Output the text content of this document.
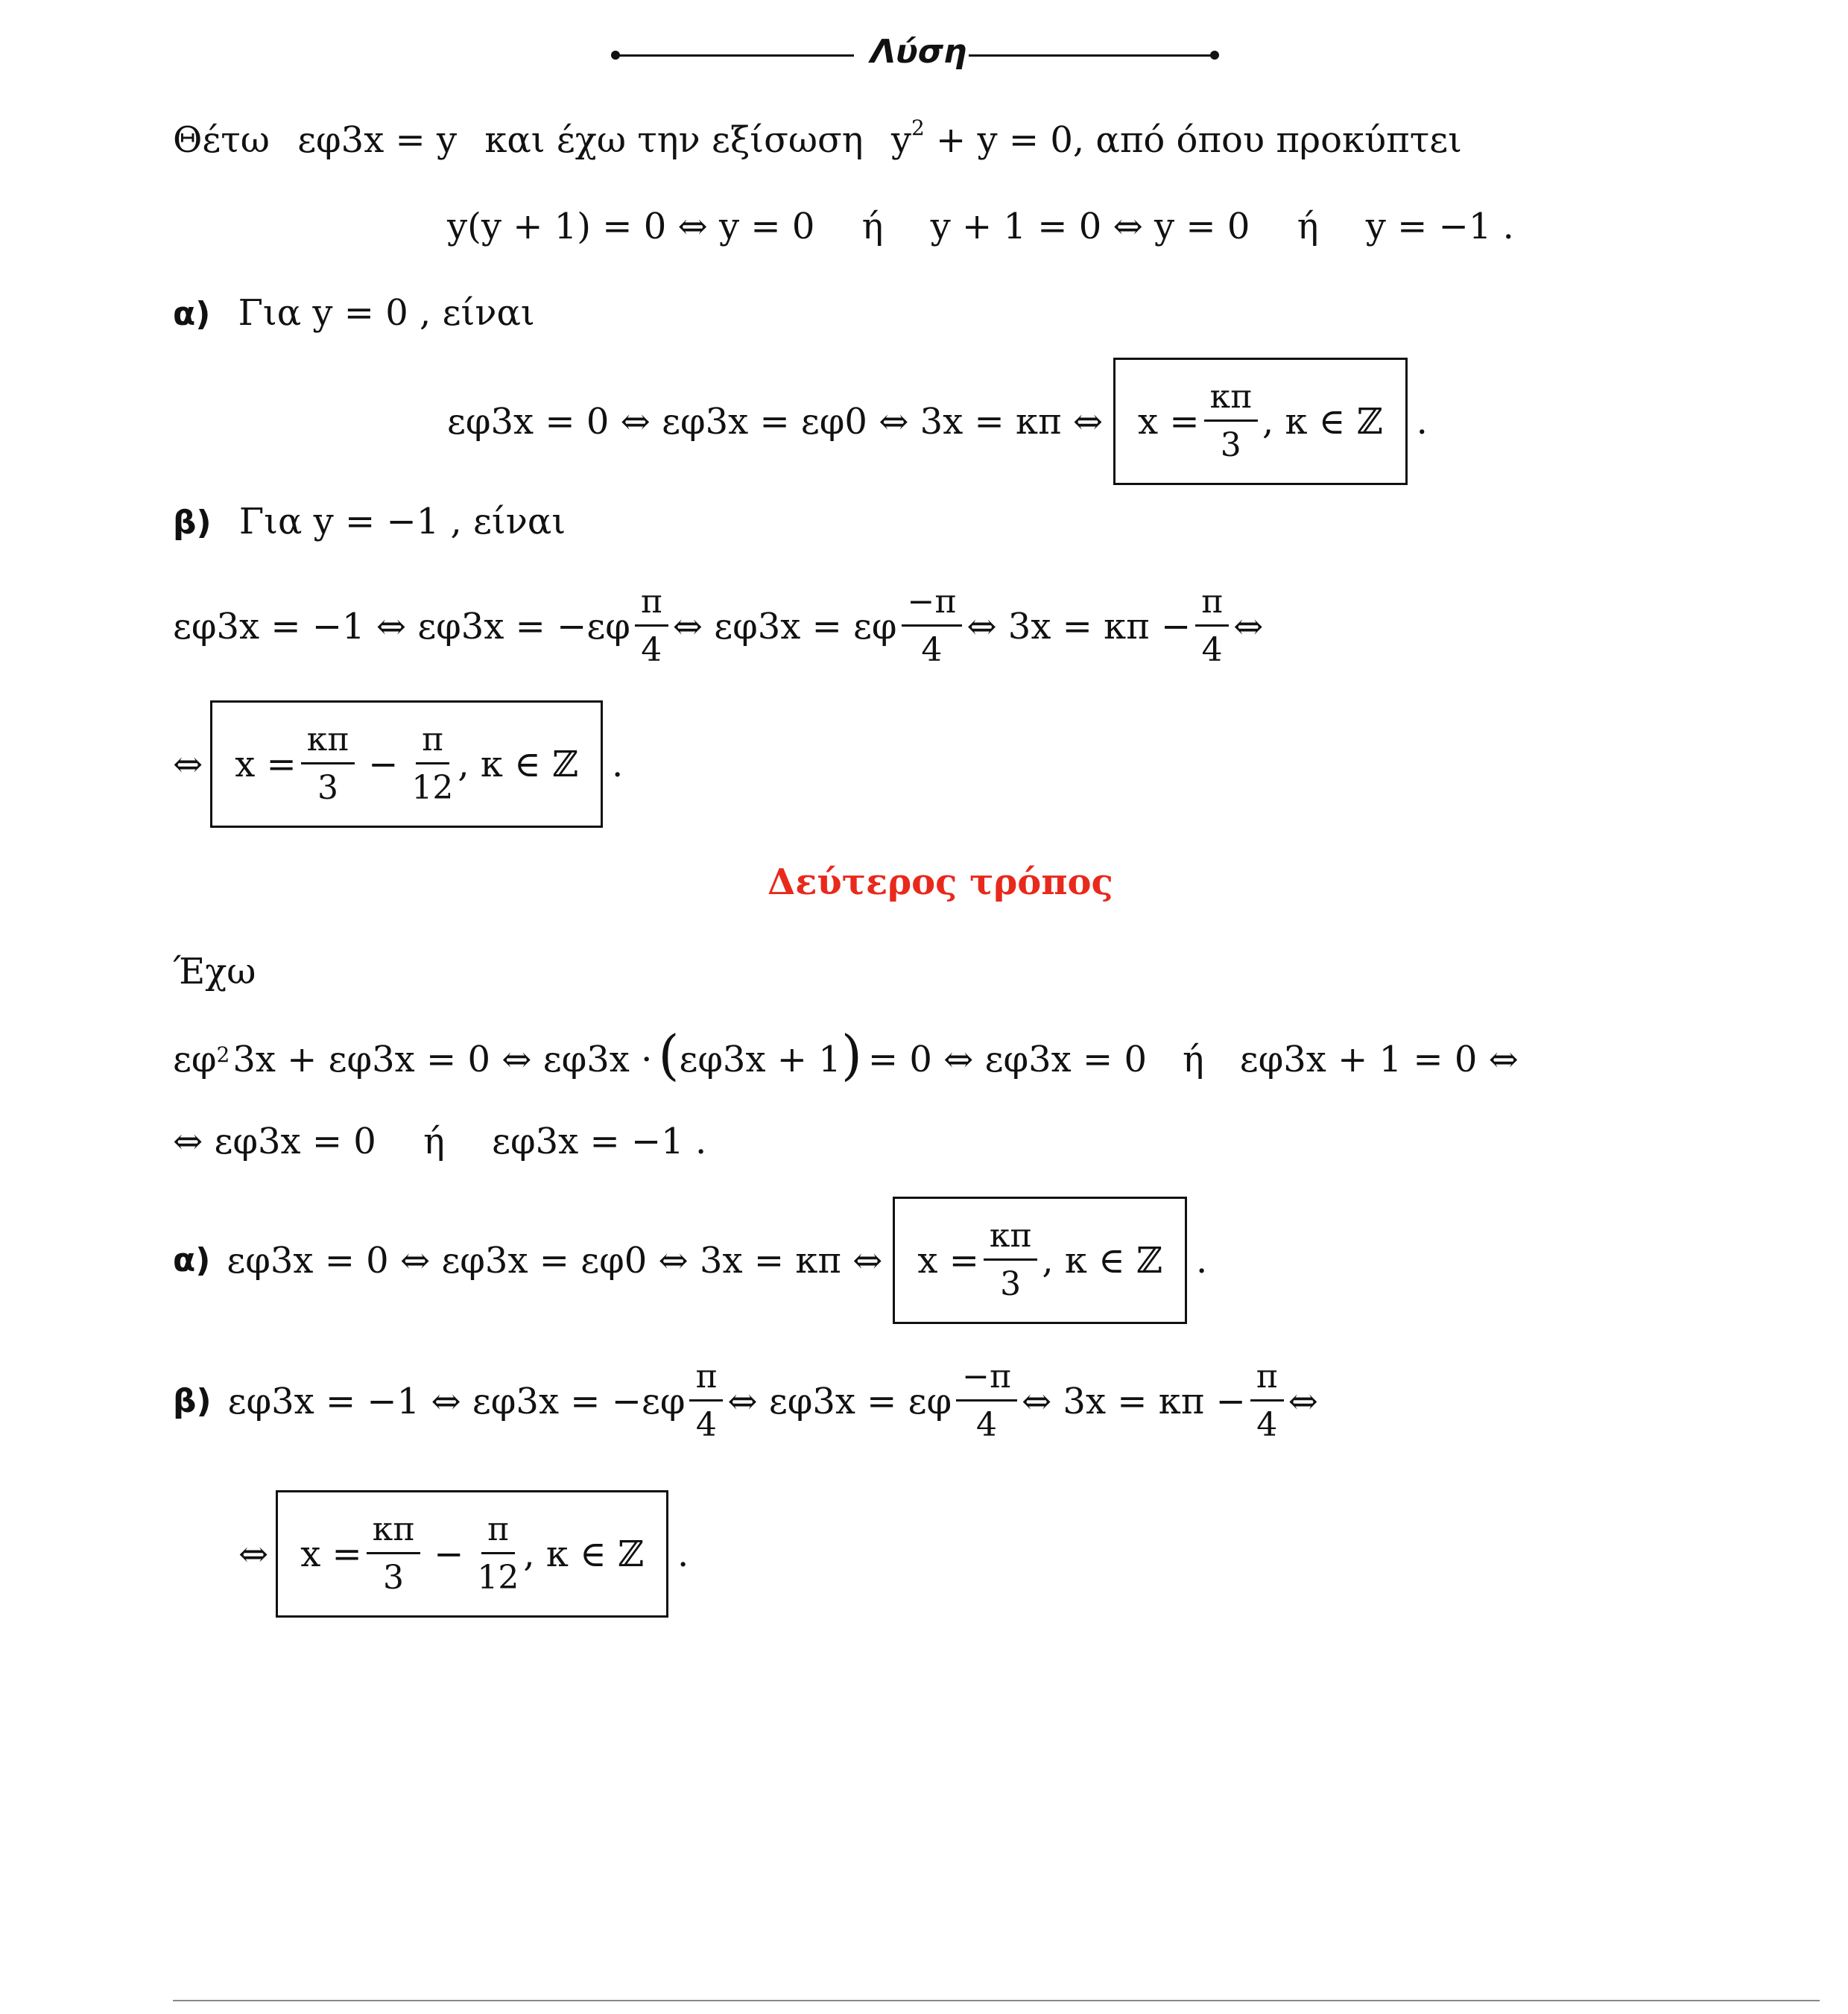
Λύση
Θέτω εφ3x = y και έχω την εξίσωση $y^2 + y = 0$, από όπου προκύπτει
y(y + 1) = 0 ⇔ y = 0 ή y + 1 = 0 ⇔ y = 0 ή y = −1 .
α) Για y = 0 , είναι
εφ3x = 0 ⇔ εφ3x = εφ0 ⇔ 3x = κπ ⇔ $x = \frac{\kappa\pi}{3}$ , κ ∈ ℤ .
β) Για y = −1 , είναι
εφ3x = −1 ⇔ $\varepsilon\varphi 3x = -\varepsilon\varphi \frac{\pi}{4}$ ⇔ εφ3x = εφ $\frac{-\pi}{4}$ ⇔ $3x = \kappa\pi - \frac{\pi}{4}$ ⇔
⇔ $x = \frac{\kappa\pi}{3} - \frac{\pi}{12}$ , κ ∈ ℤ .
Δεύτερος τρόπος
Έχω
$\varepsilon\varphi^2$ 3x + εφ3x = 0 ⇔ εφ3x · ( εφ3x + 1 ) = 0 ⇔ εφ3x = 0 ή εφ3x + 1 = 0 ⇔
⇔ εφ3x = 0 ή εφ3x = −1 .
α) εφ3x = 0 ⇔ εφ3x = εφ0 ⇔ 3x = κπ ⇔ $x = \frac{\kappa\pi}{3}$ , κ ∈ ℤ .
β) εφ3x = −1 ⇔ $\varepsilon\varphi 3x = -\varepsilon\varphi \frac{\pi}{4}$ ⇔ εφ3x = εφ $\frac{-\pi}{4}$ ⇔ $3x = \kappa\pi - \frac{\pi}{4}$ ⇔
⇔ $x = \frac{\kappa\pi}{3} - \frac{\pi}{12}$ , κ ∈ ℤ .
